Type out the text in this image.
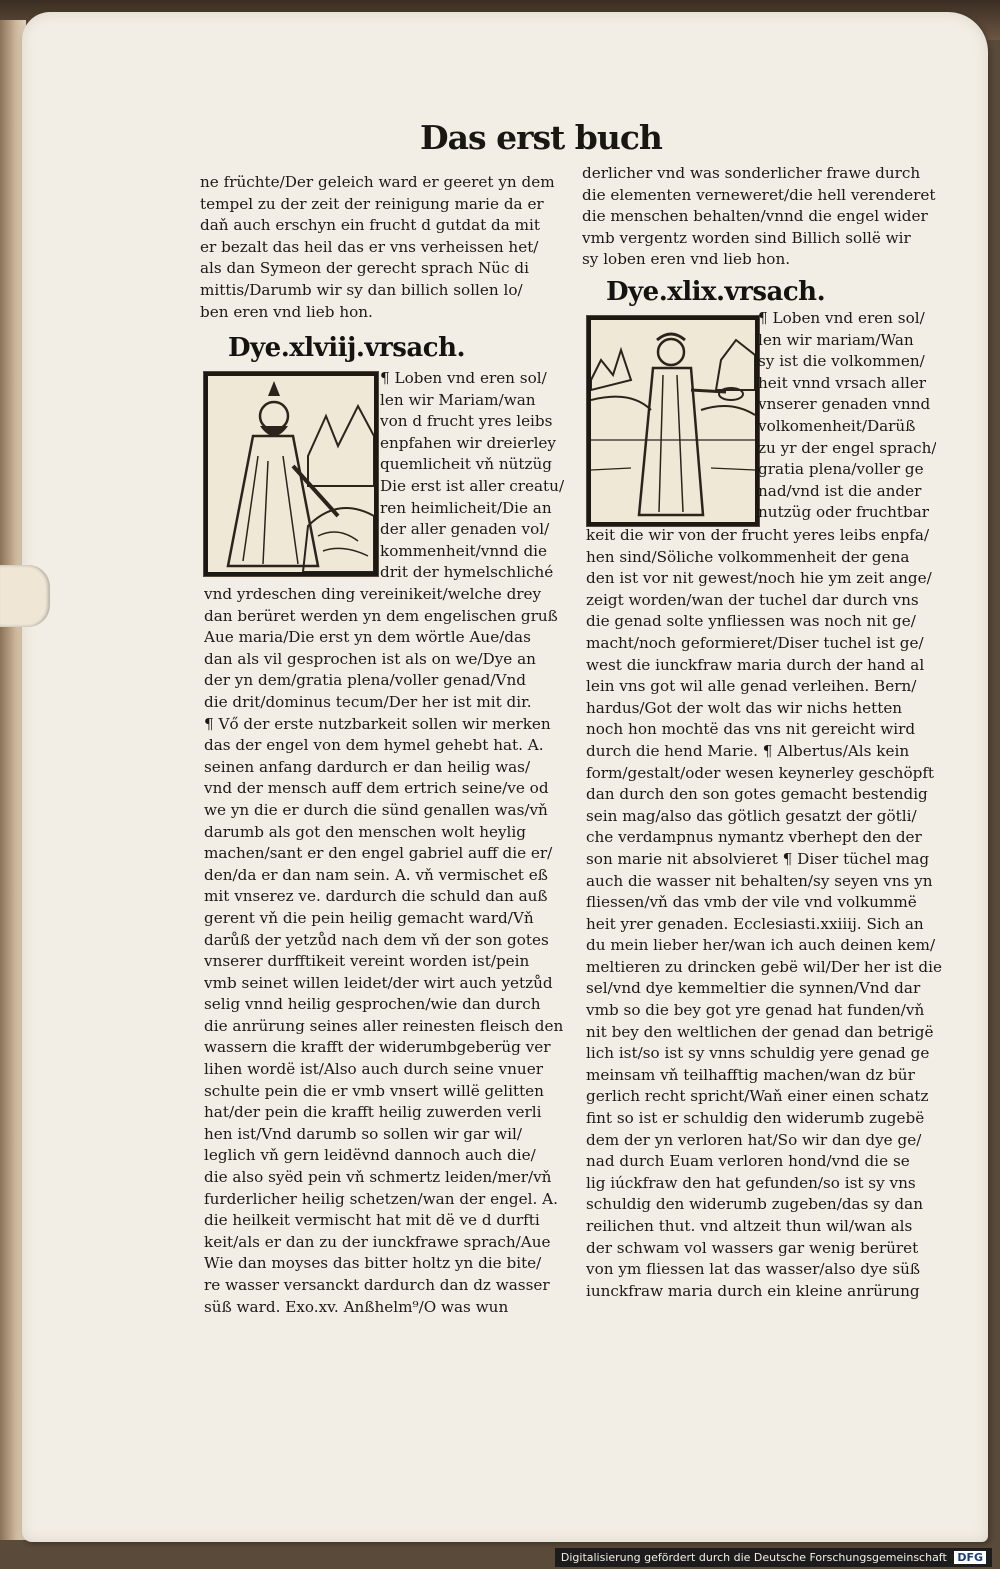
Das erst buch
ne früchte/Der geleich ward er geeret yn dem
tempel zu der zeit der reinigung marie da er
daň auch erschyn ein frucht d gutdat da mit
er bezalt das heil das er vns verheissen het/
als dan Symeon der gerecht sprach Nüc di
mittis/Darumb wir sy dan billich sollen lo/
ben eren vnd lieb hon.
Dye.xlviij.vrsach.
¶ Loben vnd eren sol/
len wir Mariam/wan
von d frucht yres leibs
enpfahen wir dreierley
quemlicheit vň nützüg
Die erst ist aller creatu/
ren heimlicheit/Die an
der aller genaden vol/
kommenheit/vnnd die
drit der hymelschliché
vnd yrdeschen ding vereinikeit/welche drey
dan berüret werden yn dem engelischen gruß
Aue maria/Die erst yn dem wörtle Aue/das
dan als vil gesprochen ist als on we/Dye an
der yn dem/gratia plena/voller genad/Vnd
die drit/dominus tecum/Der her ist mit dir.
¶ Vő der erste nutzbarkeit sollen wir merken
das der engel von dem hymel gehebt hat. A.
seinen anfang dardurch er dan heilig was/
vnd der mensch auff dem ertrich seine/ve od
we yn die er durch die sünd genallen was/vň
darumb als got den menschen wolt heylig
machen/sant er den engel gabriel auff die er/
den/da er dan nam sein. A. vň vermischet eß
mit vnserez ve. dardurch die schuld dan auß
gerent vň die pein heilig gemacht ward/Vň
darůß der yetzůd nach dem vň der son gotes
vnserer durfftikeit vereint worden ist/pein
vmb seinet willen leidet/der wirt auch yetzůd
selig vnnd heilig gesprochen/wie dan durch
die anrürung seines aller reinesten fleisch den
wassern die krafft der widerumbgeberüg ver
lihen wordë ist/Also auch durch seine vnuer
schulte pein die er vmb vnsert willë gelitten
hat/der pein die krafft heilig zuwerden verli
hen ist/Vnd darumb so sollen wir gar wil/
leglich vň gern leidëvnd dannoch auch die/
die also syëd pein vň schmertz leiden/mer/vň
furderlicher heilig schetzen/wan der engel. A.
die heilkeit vermischt hat mit dë ve d durfti
keit/als er dan zu der iunckfrawe sprach/Aue
Wie dan moyses das bitter holtz yn die bite/
re wasser versanckt dardurch dan dz wasser
süß ward. Exo.xv. Anßhelm⁹/O was wun
derlicher vnd was sonderlicher frawe durch
die elementen verneweret/die hell verenderet
die menschen behalten/vnnd die engel wider
vmb vergentz worden sind Billich sollë wir
sy loben eren vnd lieb hon.
Dye.xlix.vrsach.
¶ Loben vnd eren sol/
len wir mariam/Wan
sy ist die volkommen/
heit vnnd vrsach aller
vnserer genaden vnnd
volkomenheit/Darüß
zu yr der engel sprach/
gratia plena/voller ge
nad/vnd ist die ander
nutzüg oder fruchtbar
keit die wir von der frucht yeres leibs enpfa/
hen sind/Söliche volkommenheit der gena
den ist vor nit gewest/noch hie ym zeit ange/
zeigt worden/wan der tuchel dar durch vns
die genad solte ynfliessen was noch nit ge/
macht/noch geformieret/Diser tuchel ist ge/
west die iunckfraw maria durch der hand al
lein vns got wil alle genad verleihen. Bern/
hardus/Got der wolt das wir nichs hetten
noch hon mochtë das vns nit gereicht wird
durch die hend Marie. ¶ Albertus/Als kein
form/gestalt/oder wesen keynerley geschöpft
dan durch den son gotes gemacht bestendig
sein mag/also das götlich gesatzt der götli/
che verdampnus nymantz vberhept den der
son marie nit absolvieret ¶ Diser tüchel mag
auch die wasser nit behalten/sy seyen vns yn
fliessen/vň das vmb der vile vnd volkummë
heit yrer genaden. Ecclesiasti.xxiiij. Sich an
du mein lieber her/wan ich auch deinen kem/
meltieren zu drincken gebë wil/Der her ist die
sel/vnd dye kemmeltier die synnen/Vnd dar
vmb so die bey got yre genad hat funden/vň
nit bey den weltlichen der genad dan betrigë
lich ist/so ist sy vnns schuldig yere genad ge
meinsam vň teilhafftig machen/wan dz bür
gerlich recht spricht/Waň einer einen schatz
fint so ist er schuldig den widerumb zugebë
dem der yn verloren hat/So wir dan dye ge/
nad durch Euam verloren hond/vnd die se
lig iúckfraw den hat gefunden/so ist sy vns
schuldig den widerumb zugeben/das sy dan
reilichen thut. vnd altzeit thun wil/wan als
der schwam vol wassers gar wenig berüret
von ym fliessen lat das wasser/also dye süß
iunckfraw maria durch ein kleine anrürung
Digitalisierung gefördert durch die Deutsche Forschungsgemeinschaft DFG
